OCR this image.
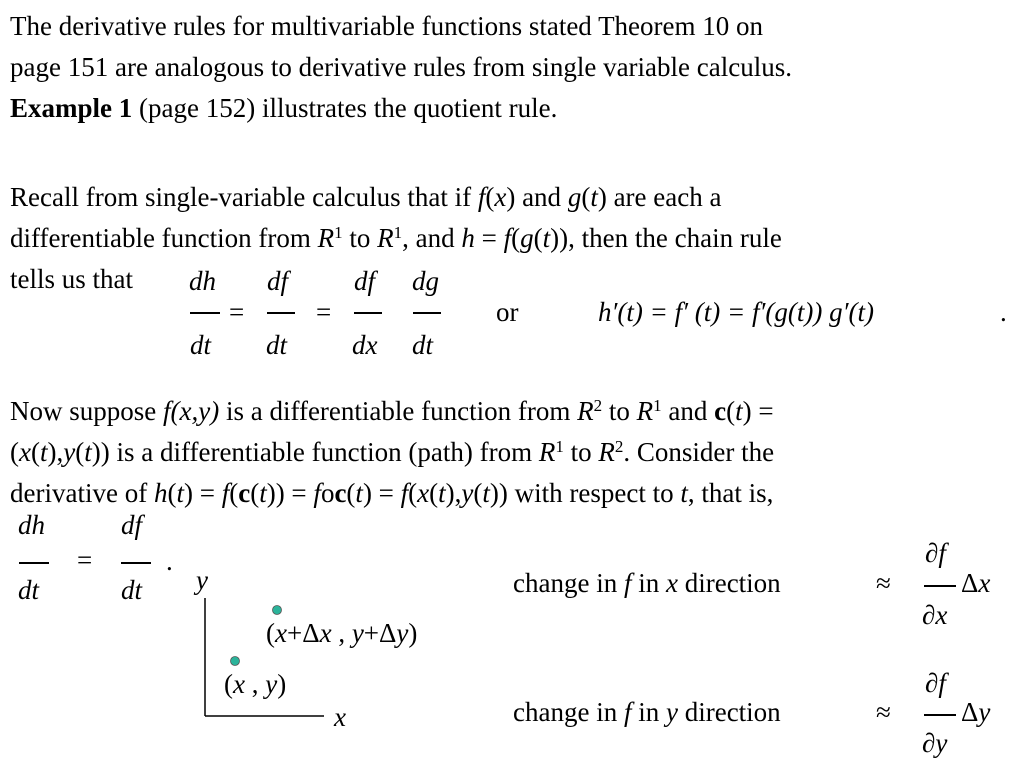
The derivative rules for multivariable functions stated Theorem 10 on
page 151 are analogous to derivative rules from single variable calculus.
Example 1 (page 152) illustrates the quotient rule.
Recall from single-variable calculus that if f(x) and g(t) are each a
differentiable function from $R^1$ to $R^1$, and h = f(g(t)), then the chain rule
tells us that dh
dt
=
df
dt
=
df
dx
dg
dt
or	h′(t) = f′ (t) = f′(g(t)) g′(t)	.
Now suppose f(x,y) is a differentiable function from $R^2$ to $R^1$ and c(t) =
(x(t),y(t)) is a differentiable function (path) from $R^1$ to $R^2$. Consider the
derivative of h(t) = f(c(t)) = foc(t) = f(x(t),y(t)) with respect to t, that is,
dh
dt
=
df
dt
.
y
x
(x+Δx , y+Δy)
(x , y)
change in f in x direction	≈
∂f
∂x
Δx
change in f in y direction	≈
∂f
∂y
Δy
